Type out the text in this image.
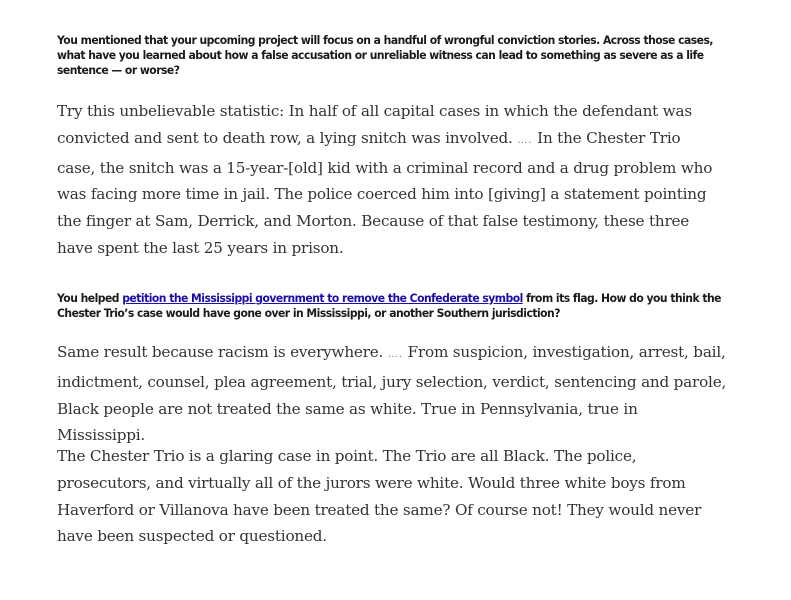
You mentioned that your upcoming project will focus on a handful of wrongful conviction stories. Across those cases, what have you learned about how a false accusation or unreliable witness can lead to something as severe as a life sentence — or worse?

Try this unbelievable statistic: In half of all capital cases in which the defendant was convicted and sent to death row, a lying snitch was involved. …. In the Chester Trio case, the snitch was a 15-year-[old] kid with a criminal record and a drug problem who was facing more time in jail. The police coerced him into [giving] a statement pointing the finger at Sam, Derrick, and Morton. Because of that false testimony, these three have spent the last 25 years in prison.

You helped petition the Mississippi government to remove the Confederate symbol from its flag. How do you think the Chester Trio’s case would have gone over in Mississippi, or another Southern jurisdiction?

Same result because racism is everywhere. …. From suspicion, investigation, arrest, bail, indictment, counsel, plea agreement, trial, jury selection, verdict, sentencing and parole, Black people are not treated the same as white. True in Pennsylvania, true in Mississippi.

The Chester Trio is a glaring case in point. The Trio are all Black. The police, prosecutors, and virtually all of the jurors were white. Would three white boys from Haverford or Villanova have been treated the same? Of course not! They would never have been suspected or questioned.
